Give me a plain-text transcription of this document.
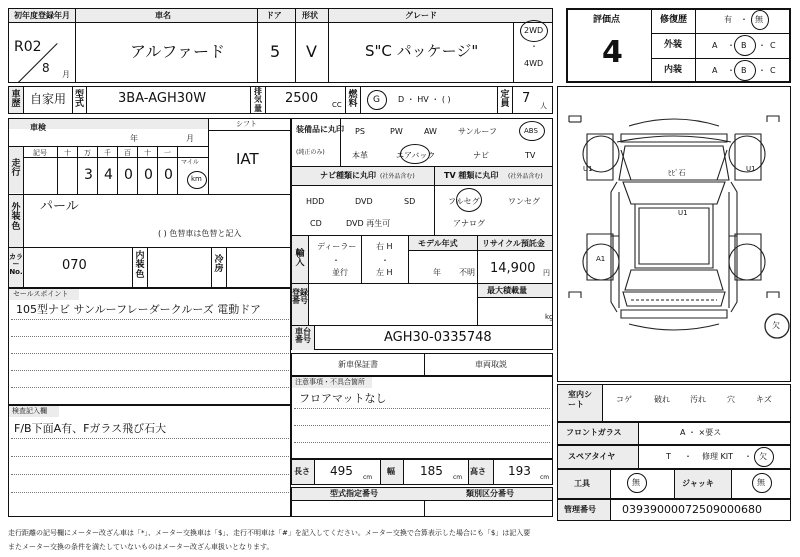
初年度登録年月	車名	ドア	形状	グレード
R02
8 月
アルファード	5 V	S"C パッケージ"
2WD
・
4WD
車歴 自家用 型式	3BA-AGH30W	排気量
2500 CC
燃料 G D ・ HV ・ ( )	定員 7 人
評価点
4
修復歴	有 ・ 無
外装	A ・ B ・ C
内装	A ・ B ・ C
車検
年	月
シフト
IAT
走行
記号 十 万 千 百 十 一
マイル
3 4 0 0 0	km
外装色
パール
( ) 色替車は色替と記入
カラーNo.	070
内装色
冷房
装備品に丸印
(純正のみ)
PS	PW	AW	サンルーフ	ABS
本革	エアバック	ナビ	TV
ナビ種類に丸印 (社外品含む)
HDD	DVD	SD
CD	DVD 再生可
TV 種類に丸印 (社外品含む)
フルセグ	ワンセグ
アナログ
輸入
ディーラー
・
並行
右 H
・
左 H
モデル年式
年 不明
リサイクル預託金
14,900 円
登録番号
最大積載量
kg
車台番号	AGH30-0335748
新車保証書	車両取説
注意事項・不具合箇所
フロアマットなし
セールスポイント
105型ナビ サンルーフレーダークルーズ 電動ドア
検査記入欄
F/B下面A有、Fガラス飛び石大
長さ 495 cm
幅 185 cm
高さ 193 cm
型式指定番号	類別区分番号
U1	U1
U1
A1
ﾋﾋﾞ石
欠
室内シート
コゲ	破れ	汚れ	穴	キズ
フロントガラス	A ・ ×要ス
スペアタイヤ	T ・ 修理 KIT ・ 欠
工具	無	ジャッキ	無
管理番号 03939000072509000680
走行距離の記号欄にメーター改ざん車は「*」、メーター交換車は「$」、走行不明車は「#」を記入してください。メーター交換で合算表示した場合にも「$」は記入要
またメーター交換の条件を満たしていないものはメーター改ざん車扱いとなります。
